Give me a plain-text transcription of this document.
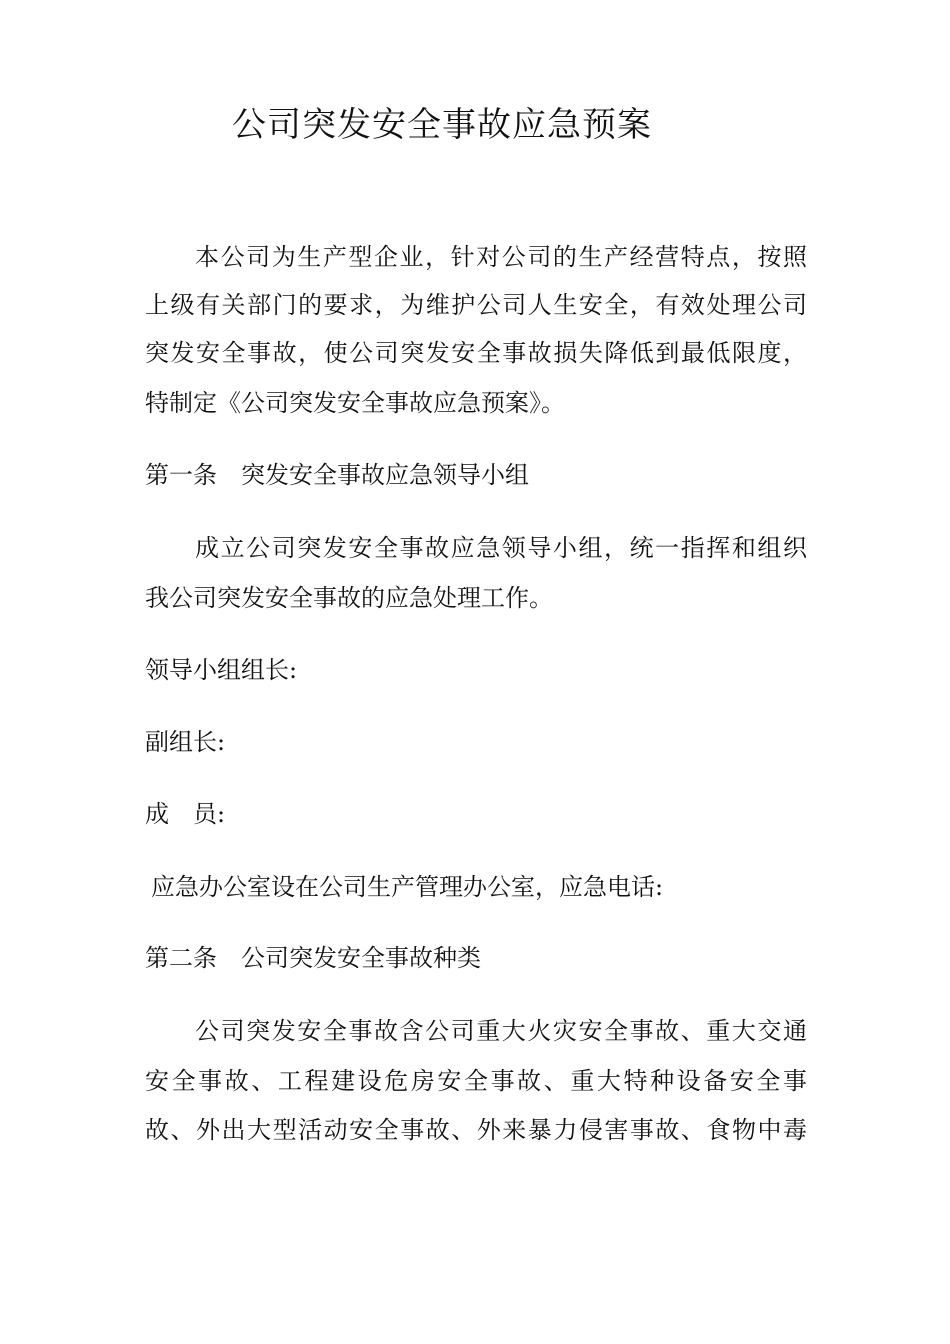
公司突发安全事故应急预案

本公司为生产型企业，针对公司的生产经营特点，按照

上级有关部门的要求，为维护公司人生安全，有效处理公司

突发安全事故，使公司突发安全事故损失降低到最低限度，

特制定《公司突发安全事故应急预案》。

第一条　突发安全事故应急领导小组

成立公司突发安全事故应急领导小组，统一指挥和组织

我公司突发安全事故的应急处理工作。

领导小组组长:

副组长:

成　员:

应急办公室设在公司生产管理办公室，应急电话:

第二条　公司突发安全事故种类

公司突发安全事故含公司重大火灾安全事故、重大交通

安全事故、工程建设危房安全事故、重大特种设备安全事

故、外出大型活动安全事故、外来暴力侵害事故、食物中毒
